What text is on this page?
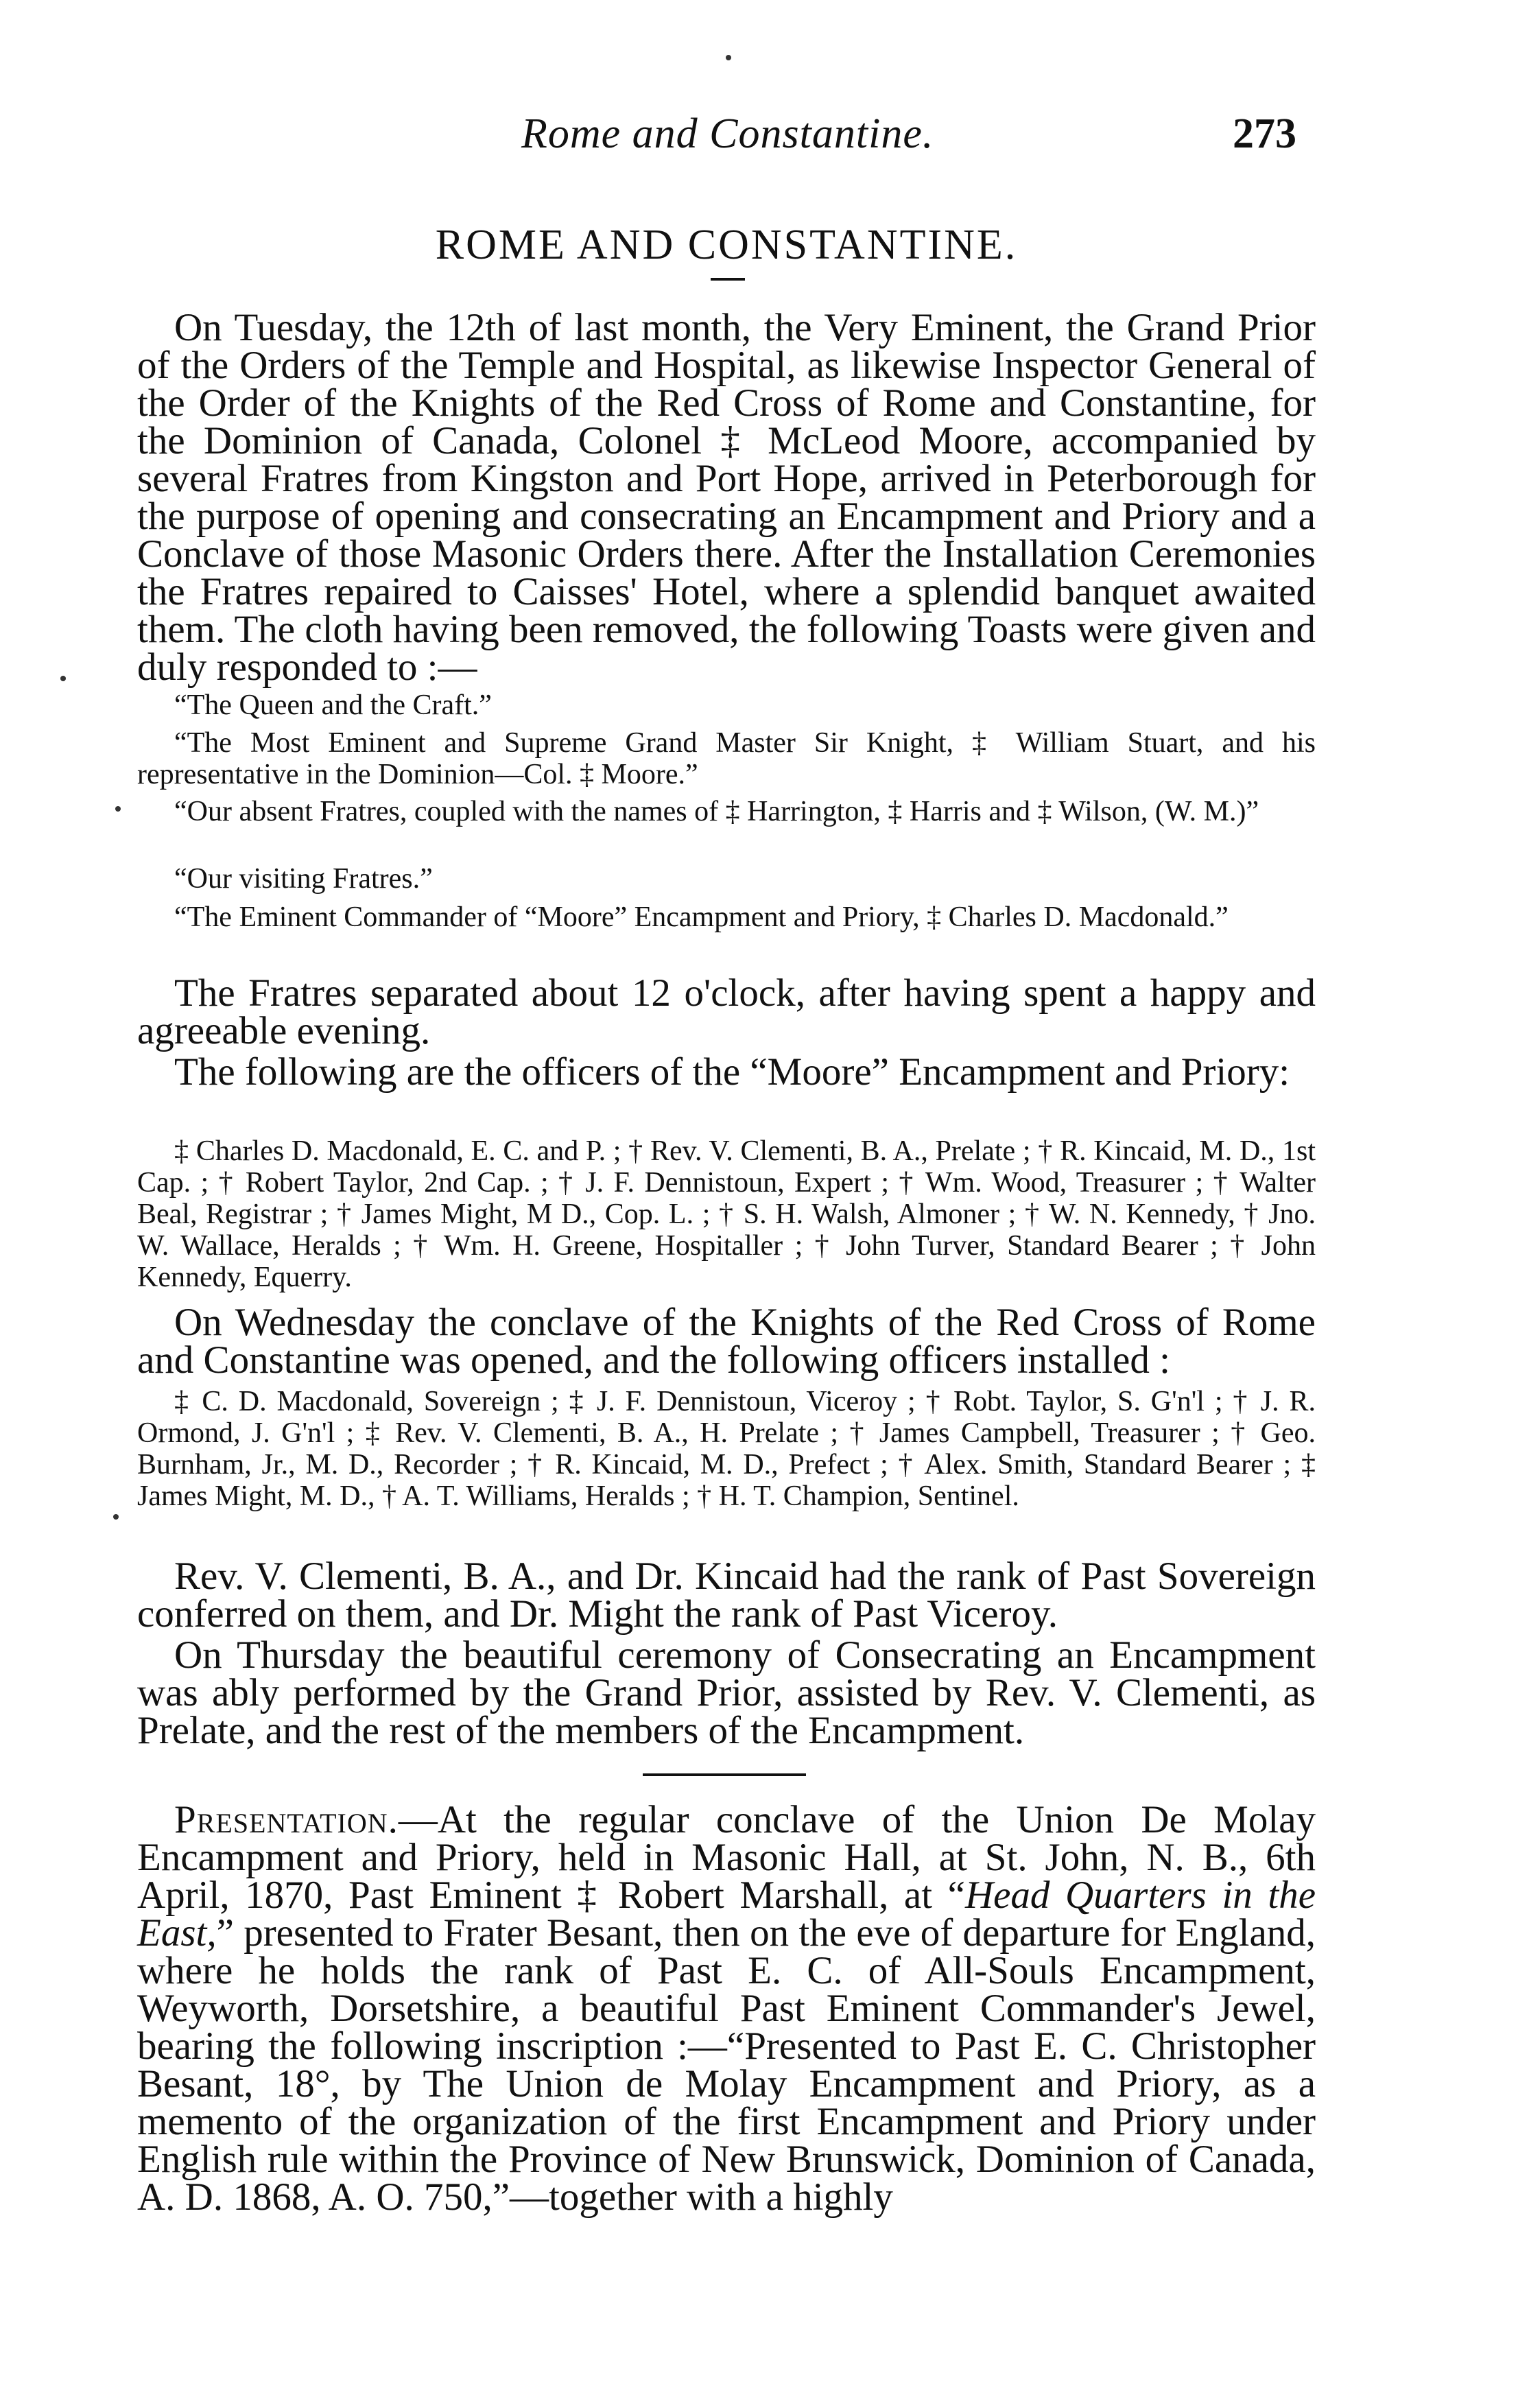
Rome and Constantine.	273
ROME AND CONSTANTINE.

On Tuesday, the 12th of last month, the Very Eminent, the Grand Prior of the Orders of the Temple and Hospital, as likewise Inspector General of the Order of the Knights of the Red Cross of Rome and Constantine, for the Dominion of Canada, Colonel ‡ McLeod Moore, accompanied by several Fratres from Kingston and Port Hope, arrived in Peterborough for the purpose of opening and consecrating an Encampment and Priory and a Conclave of those Masonic Orders there. After the Installation Ceremonies the Fratres repaired to Caisses' Hotel, where a splendid banquet awaited them. The cloth having been removed, the following Toasts were given and duly responded to :—

“The Queen and the Craft.”

“The Most Eminent and Supreme Grand Master Sir Knight, ‡ William Stuart, and his representative in the Dominion—Col. ‡ Moore.”

“Our absent Fratres, coupled with the names of ‡ Harrington, ‡ Harris and ‡ Wilson, (W. M.)”

“Our visiting Fratres.”

“The Eminent Commander of “Moore” Encampment and Priory, ‡ Charles D. Macdonald.”

The Fratres separated about 12 o'clock, after having spent a happy and agreeable evening.

The following are the officers of the “Moore” Encampment and Priory:

‡ Charles D. Macdonald, E. C. and P. ; † Rev. V. Clementi, B. A., Prelate ; † R. Kincaid, M. D., 1st Cap. ; † Robert Taylor, 2nd Cap. ; † J. F. Dennistoun, Expert ; † Wm. Wood, Treasurer ; † Walter Beal, Registrar ; † James Might, M D., Cop. L. ; † S. H. Walsh, Almoner ; † W. N. Kennedy, † Jno. W. Wallace, Heralds ; † Wm. H. Greene, Hospitaller ; † John Turver, Standard Bearer ; † John Kennedy, Equerry.

On Wednesday the conclave of the Knights of the Red Cross of Rome and Constantine was opened, and the following officers installed :

‡ C. D. Macdonald, Sovereign ; ‡ J. F. Dennistoun, Viceroy ; † Robt. Taylor, S. G'n'l ; † J. R. Ormond, J. G'n'l ; ‡ Rev. V. Clementi, B. A., H. Prelate ; † James Campbell, Treasurer ; † Geo. Burnham, Jr., M. D., Recorder ; † R. Kincaid, M. D., Prefect ; † Alex. Smith, Standard Bearer ; ‡ James Might, M. D., † A. T. Williams, Heralds ; † H. T. Champion, Sentinel.

Rev. V. Clementi, B. A., and Dr. Kincaid had the rank of Past Sovereign conferred on them, and Dr. Might the rank of Past Viceroy.

On Thursday the beautiful ceremony of Consecrating an Encampment was ably performed by the Grand Prior, assisted by Rev. V. Clementi, as Prelate, and the rest of the members of the Encampment.

Presentation.—At the regular conclave of the Union De Molay Encampment and Priory, held in Masonic Hall, at St. John, N. B., 6th April, 1870, Past Eminent ‡ Robert Marshall, at “Head Quarters in the East,” presented to Frater Besant, then on the eve of departure for England, where he holds the rank of Past E. C. of All-Souls Encampment, Weyworth, Dorsetshire, a beautiful Past Eminent Commander's Jewel, bearing the following inscription :—“Presented to Past E. C. Christopher Besant, 18°, by The Union de Molay Encampment and Priory, as a memento of the organization of the first Encampment and Priory under English rule within the Province of New Brunswick, Dominion of Canada, A. D. 1868, A. O. 750,”—together with a highly
